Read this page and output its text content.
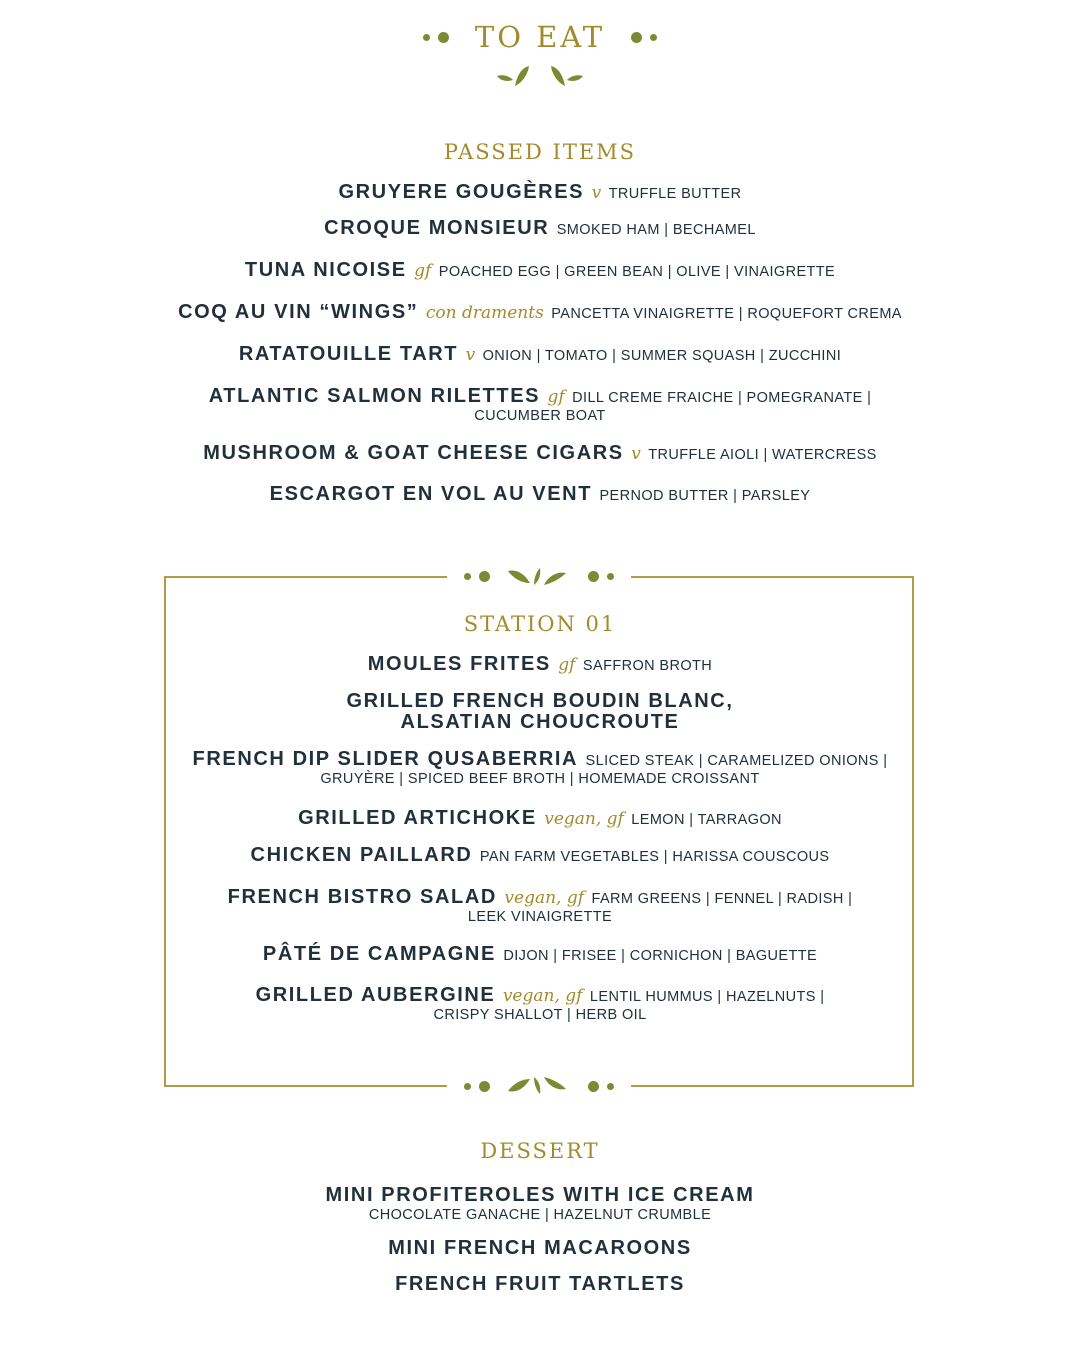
TO EAT
PASSED ITEMS
GRUYERE GOUGÈRES v TRUFFLE BUTTER
CROQUE MONSIEUR SMOKED HAM | BECHAMEL
TUNA NICOISE gf POACHED EGG | GREEN BEAN | OLIVE | VINAIGRETTE
COQ AU VIN “WINGS” con draments PANCETTA VINAIGRETTE | ROQUEFORT CREMA
RATATOUILLE TART v ONION | TOMATO | SUMMER SQUASH | ZUCCHINI
ATLANTIC SALMON RILETTES gf DILL CREME FRAICHE | POMEGRANATE |
CUCUMBER BOAT
MUSHROOM & GOAT CHEESE CIGARS v TRUFFLE AIOLI | WATERCRESS
ESCARGOT EN VOL AU VENT PERNOD BUTTER | PARSLEY
STATION 01
MOULES FRITES gf SAFFRON BROTH
GRILLED FRENCH BOUDIN BLANC,
ALSATIAN CHOUCROUTE
FRENCH DIP SLIDER QUSABERRIA SLICED STEAK | CARAMELIZED ONIONS |
GRUYÈRE | SPICED BEEF BROTH | HOMEMADE CROISSANT
GRILLED ARTICHOKE vegan, gf LEMON | TARRAGON
CHICKEN PAILLARD PAN FARM VEGETABLES | HARISSA COUSCOUS
FRENCH BISTRO SALAD vegan, gf FARM GREENS | FENNEL | RADISH |
LEEK VINAIGRETTE
PÂTÉ DE CAMPAGNE DIJON | FRISEE | CORNICHON | BAGUETTE
GRILLED AUBERGINE vegan, gf LENTIL HUMMUS | HAZELNUTS |
CRISPY SHALLOT | HERB OIL
DESSERT
MINI PROFITEROLES WITH ICE CREAM
CHOCOLATE GANACHE | HAZELNUT CRUMBLE
MINI FRENCH MACAROONS
FRENCH FRUIT TARTLETS
